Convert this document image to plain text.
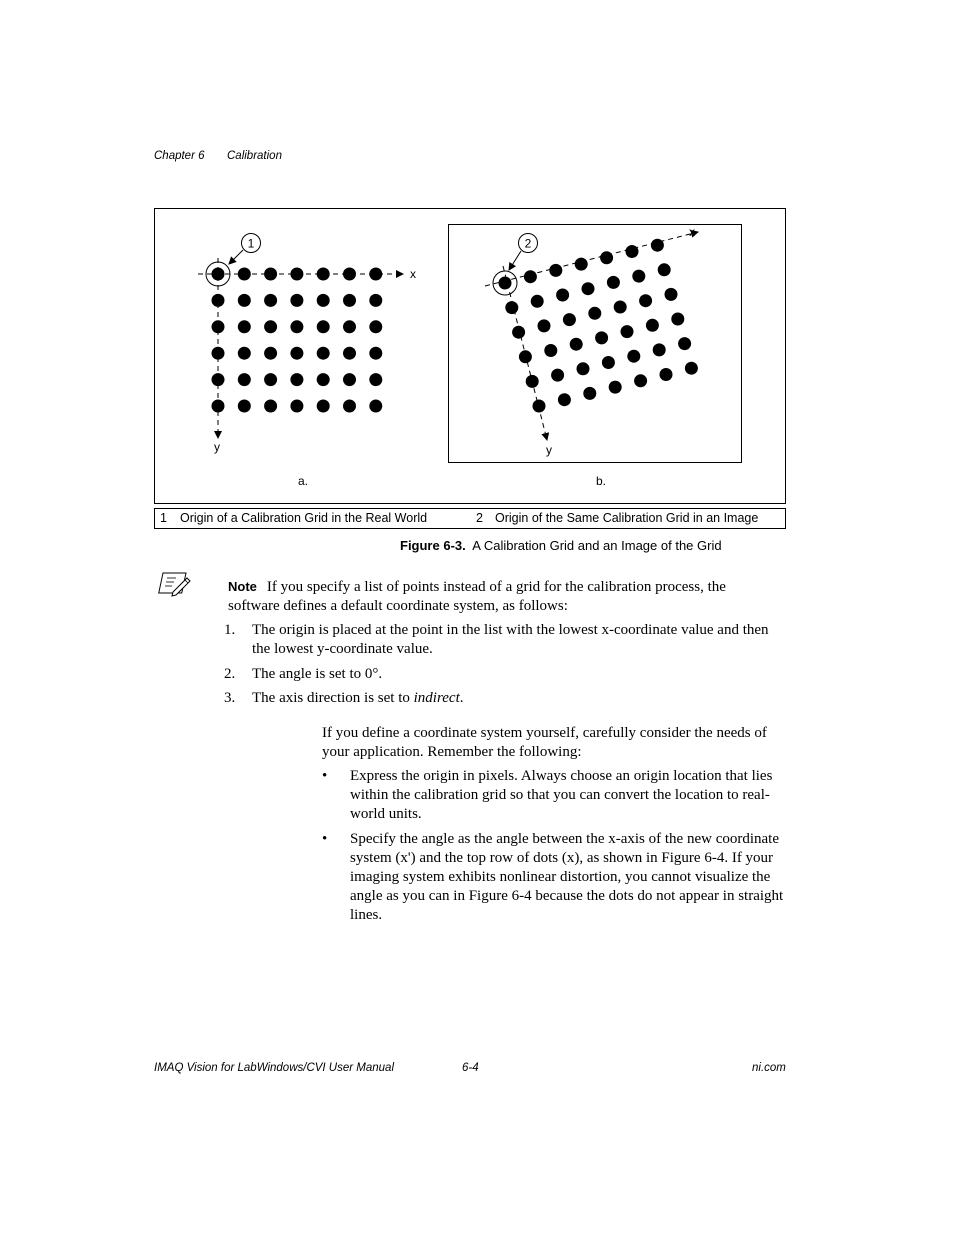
Chapter 6 Calibration
x
y
1
x
y
2
a.	b.
1 Origin of a Calibration Grid in the Real World	2 Origin of the Same Calibration Grid in an Image
Figure 6-3. A Calibration Grid and an Image of the Grid
Note If you specify a list of points instead of a grid for the calibration process, the software defines a default coordinate system, as follows:
1. The origin is placed at the point in the list with the lowest x-coordinate value and then the lowest y-coordinate value.
2. The angle is set to 0°.
3. The axis direction is set to indirect.
If you define a coordinate system yourself, carefully consider the needs of your application. Remember the following:
• Express the origin in pixels. Always choose an origin location that lies within the calibration grid so that you can convert the location to real-world units.
• Specify the angle as the angle between the x-axis of the new coordinate system (x') and the top row of dots (x), as shown in Figure 6-4. If your imaging system exhibits nonlinear distortion, you cannot visualize the angle as you can in Figure 6-4 because the dots do not appear in straight lines.
IMAQ Vision for LabWindows/CVI User Manual	6-4	ni.com
